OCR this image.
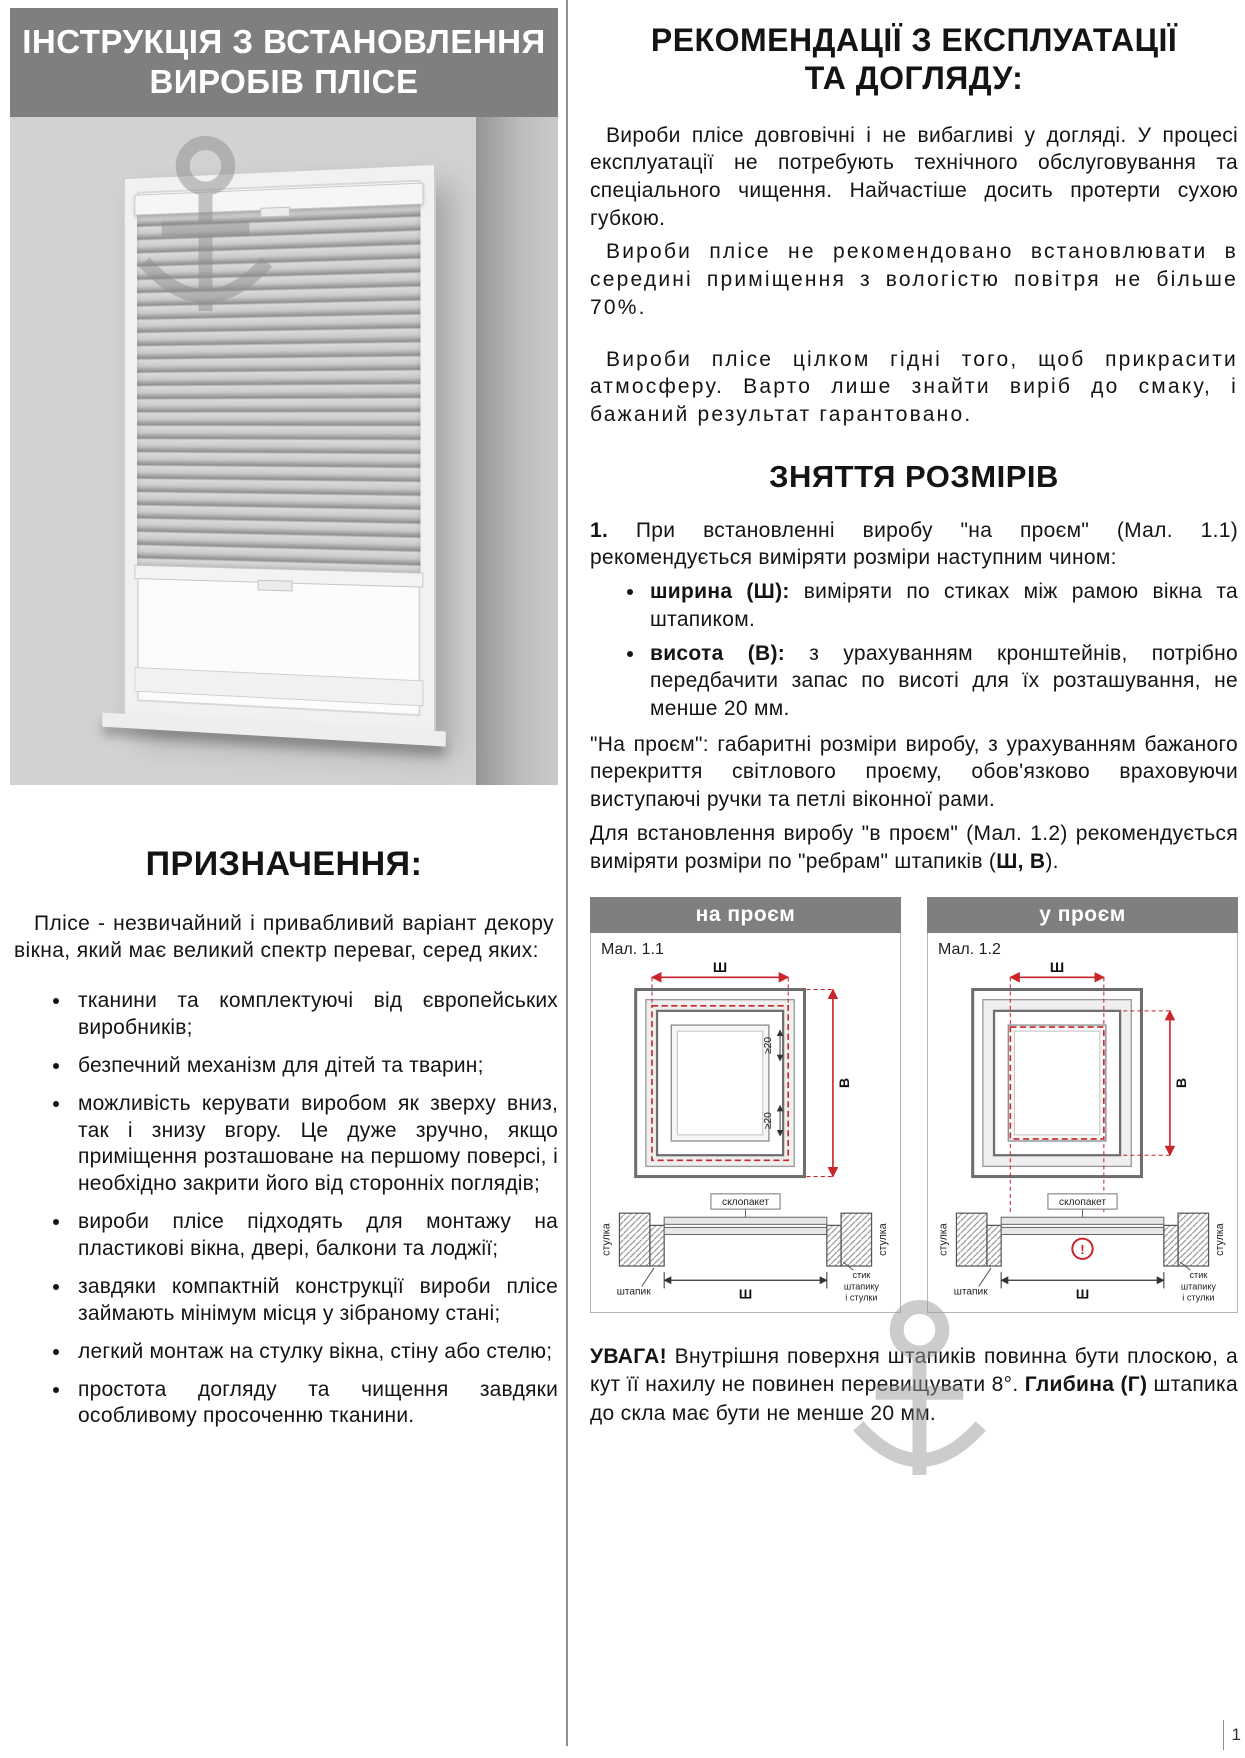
ІНСТРУКЦІЯ З ВСТАНОВЛЕННЯ
ВИРОБІВ ПЛІСЕ
ПРИЗНАЧЕННЯ:

Плісе - незвичайний і привабливий варіант декору вікна, який має великий спектр переваг, серед яких:

• тканини та комплектуючі від європейських виробників;
• безпечний механізм для дітей та тварин;
• можливість керувати виробом як зверху вниз, так і знизу вгору. Це дуже зручно, якщо приміщення розташоване на першому поверсі, і необхідно закрити його від сторонніх поглядів;
• вироби плісе підходять для монтажу на пластикові вікна, двері, балкони та лоджії;
• завдяки компактній конструкції вироби плісе займають мінімум місця у зібраному стані;
• легкий монтаж на стулку вікна, стіну або стелю;
• простота догляду та чищення завдяки особливому просоченню тканини.
РЕКОМЕНДАЦІЇ З ЕКСПЛУАТАЦІЇ
ТА ДОГЛЯДУ:

Вироби плісе довговічні і не вибагливі у догляді. У процесі експлуатації не потребують технічного обслуговування та спеціального чищення. Найчастіше досить протерти сухою губкою.

Вироби плісе не рекомендовано встановлювати в середині приміщення з вологістю повітря не більше 70%.

Вироби плісе цілком гідні того, щоб прикрасити атмосферу. Варто лише знайти виріб до смаку, і бажаний результат гарантовано.

ЗНЯТТЯ РОЗМІРІВ

1. При встановленні виробу "на проєм" (Мал. 1.1) рекомендується виміряти розміри наступним чином:

• ширина (Ш): виміряти по стиках між рамою вікна та штапиком.
• висота (В): з урахуванням кронштейнів, потрібно передбачити запас по висоті для їх розташування, не менше 20 мм.

"На проєм": габаритні розміри виробу, з урахуванням бажаного перекриття світлового проєму, обов'язково враховуючи виступаючі ручки та петлі віконної рами.

Для встановлення виробу "в проєм" (Мал. 1.2) рекомендується виміряти розміри по "ребрам" штапиків (Ш, В).

на проєм
Мал. 1.1
Ш
В
≥20
≥20
стулка	стулка
склопакет
Ш
штапик
стик
штапику
і стулки
у проєм
Мал. 1.2
Ш
В
стулка	стулка
склопакет
!
Ш
штапик
стик
штапику
і стулки

УВАГА! Внутрішня поверхня штапиків повинна бути плоскою, а кут її нахилу не повинен перевищувати 8°. Глибина (Г) штапика до скла має бути не менше 20 мм.

1
